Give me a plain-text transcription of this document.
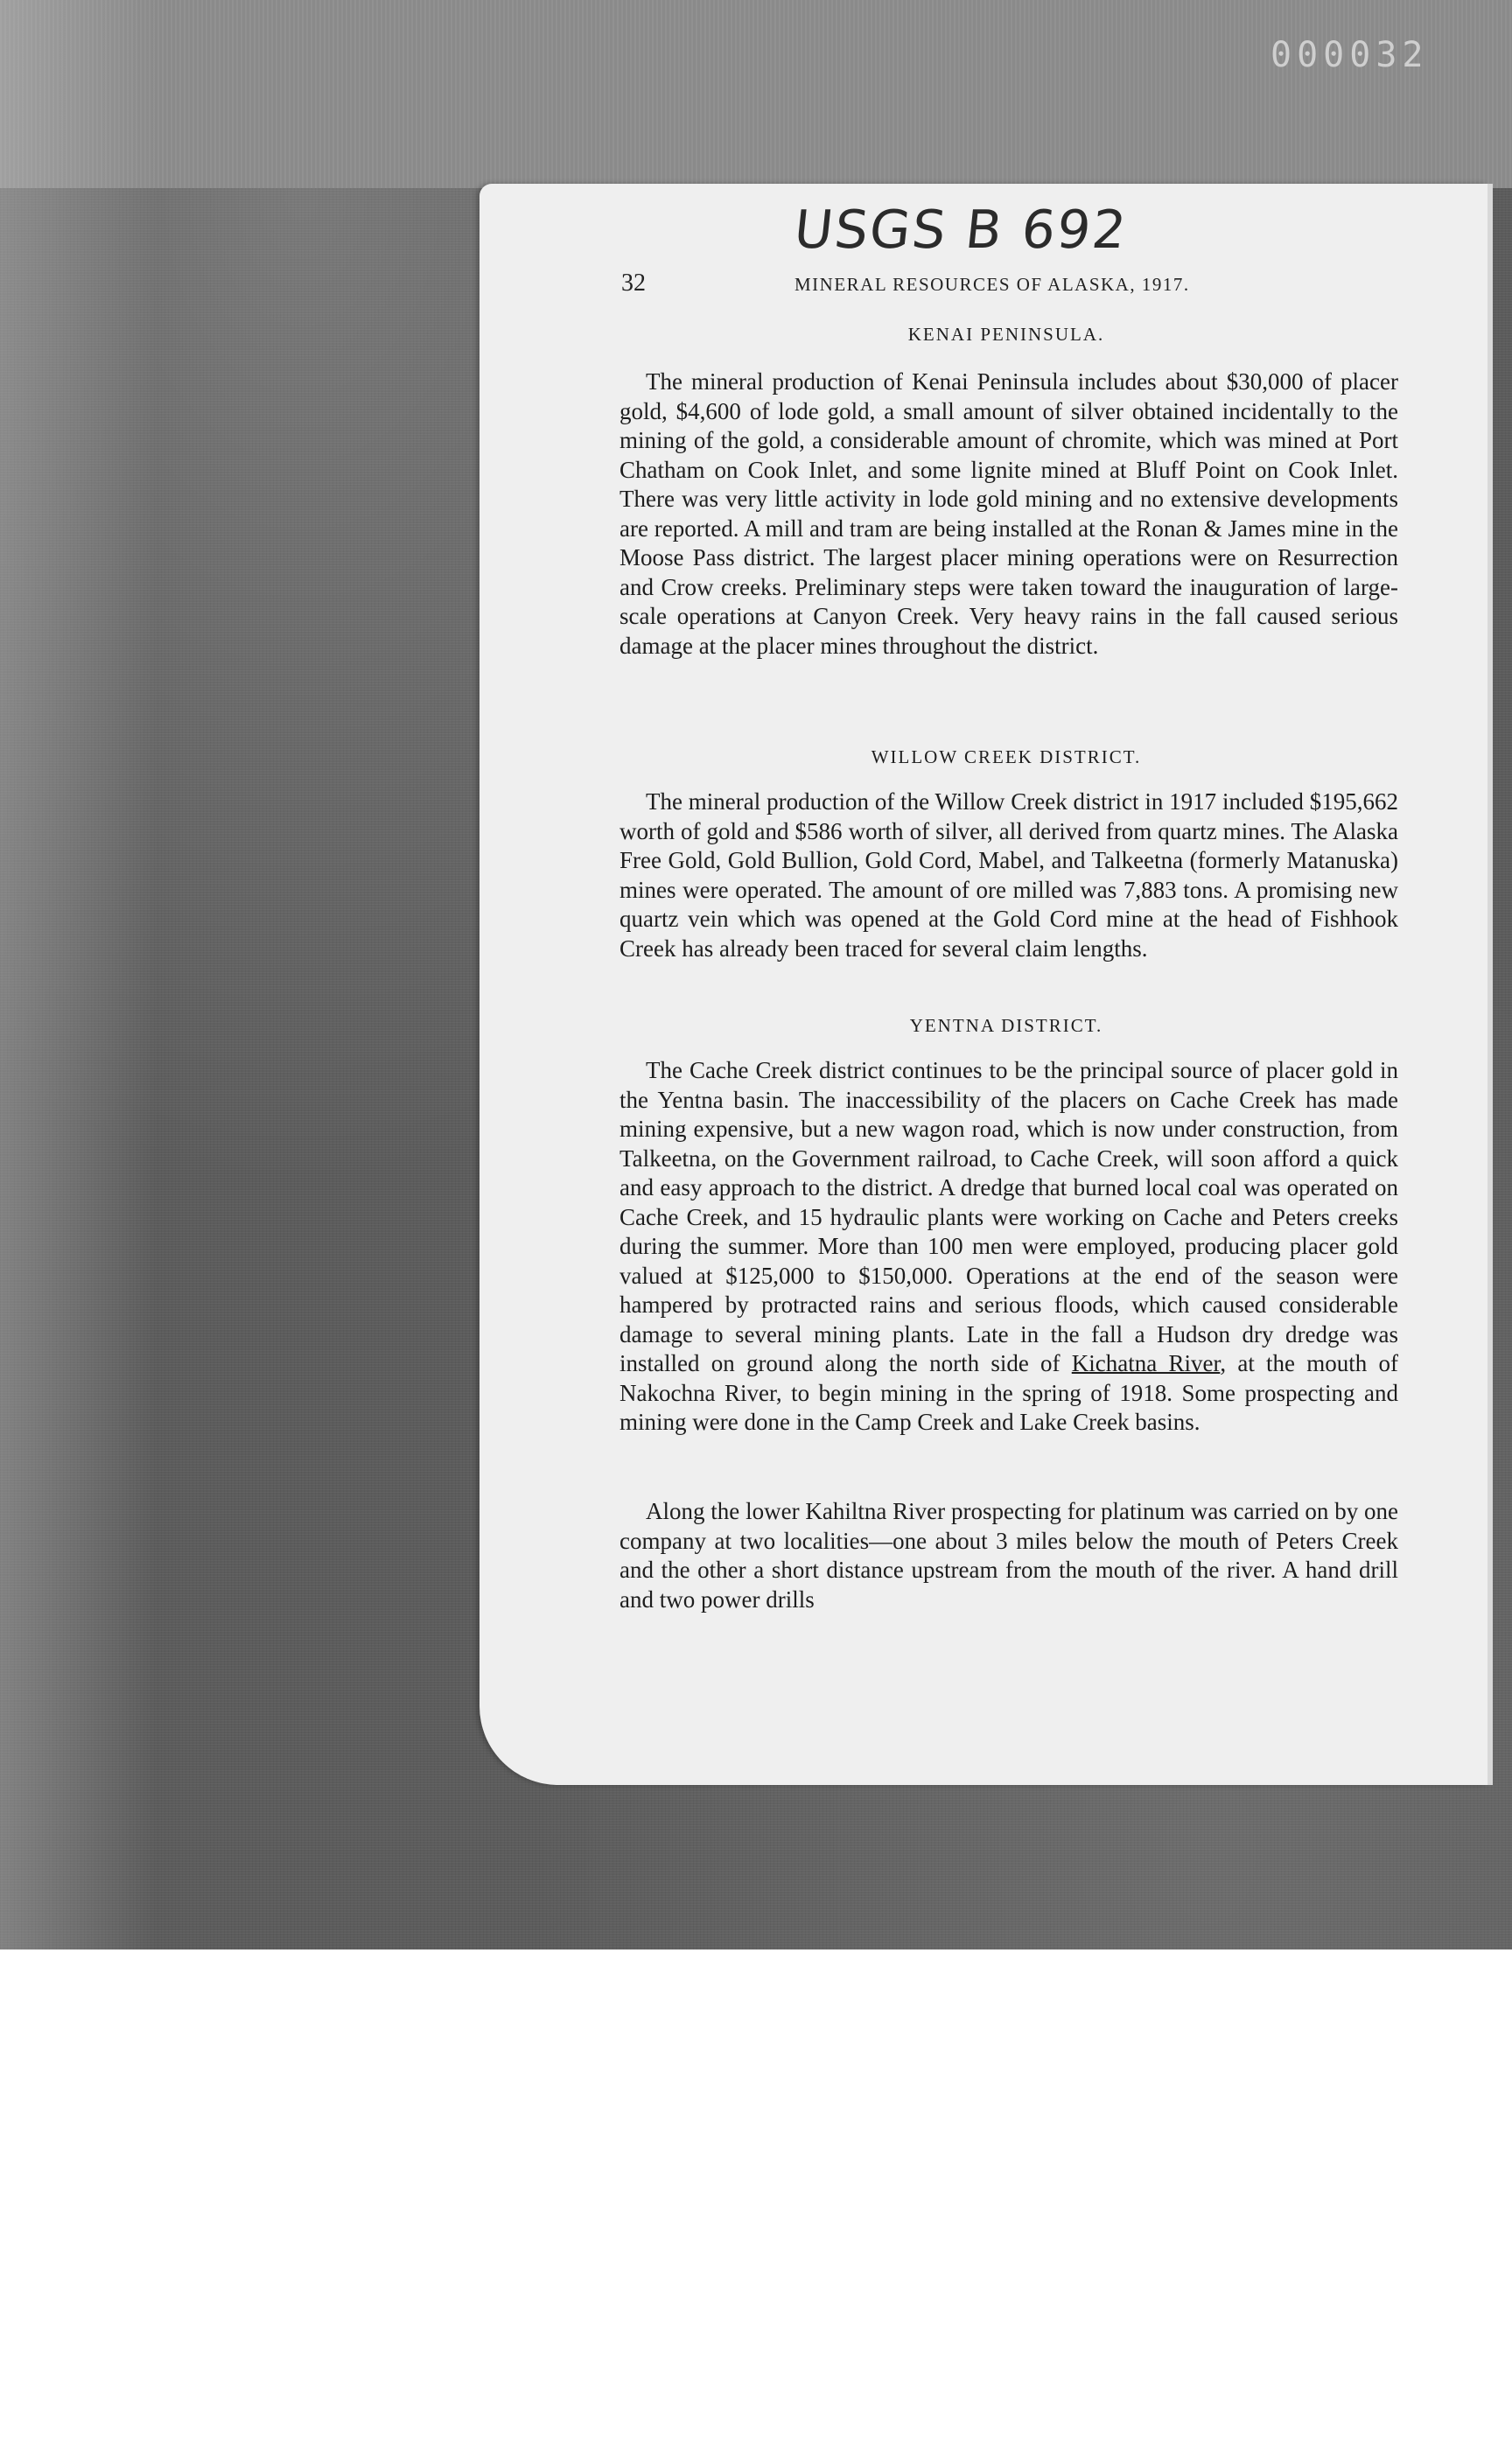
000032
USGS B 692
32	MINERAL RESOURCES OF ALASKA, 1917.
KENAI PENINSULA.

The mineral production of Kenai Peninsula includes about $30,000 of placer gold, $4,600 of lode gold, a small amount of silver obtained incidentally to the mining of the gold, a considerable amount of chromite, which was mined at Port Chatham on Cook Inlet, and some lignite mined at Bluff Point on Cook Inlet. There was very little activity in lode gold mining and no extensive developments are reported. A mill and tram are being installed at the Ronan & James mine in the Moose Pass district. The largest placer mining operations were on Resurrection and Crow creeks. Preliminary steps were taken toward the inauguration of large-scale operations at Canyon Creek. Very heavy rains in the fall caused serious damage at the placer mines throughout the district.

WILLOW CREEK DISTRICT.

The mineral production of the Willow Creek district in 1917 included $195,662 worth of gold and $586 worth of silver, all derived from quartz mines. The Alaska Free Gold, Gold Bullion, Gold Cord, Mabel, and Talkeetna (formerly Matanuska) mines were operated. The amount of ore milled was 7,883 tons. A promising new quartz vein which was opened at the Gold Cord mine at the head of Fishhook Creek has already been traced for several claim lengths.

YENTNA DISTRICT.

The Cache Creek district continues to be the principal source of placer gold in the Yentna basin. The inaccessibility of the placers on Cache Creek has made mining expensive, but a new wagon road, which is now under construction, from Talkeetna, on the Government railroad, to Cache Creek, will soon afford a quick and easy approach to the district. A dredge that burned local coal was operated on Cache Creek, and 15 hydraulic plants were working on Cache and Peters creeks during the summer. More than 100 men were employed, producing placer gold valued at $125,000 to $150,000. Operations at the end of the season were hampered by protracted rains and serious floods, which caused considerable damage to several mining plants. Late in the fall a Hudson dry dredge was installed on ground along the north side of Kichatna River, at the mouth of Nakochna River, to begin mining in the spring of 1918. Some prospecting and mining were done in the Camp Creek and Lake Creek basins.

Along the lower Kahiltna River prospecting for platinum was carried on by one company at two localities—one about 3 miles below the mouth of Peters Creek and the other a short distance upstream from the mouth of the river. A hand drill and two power drills
